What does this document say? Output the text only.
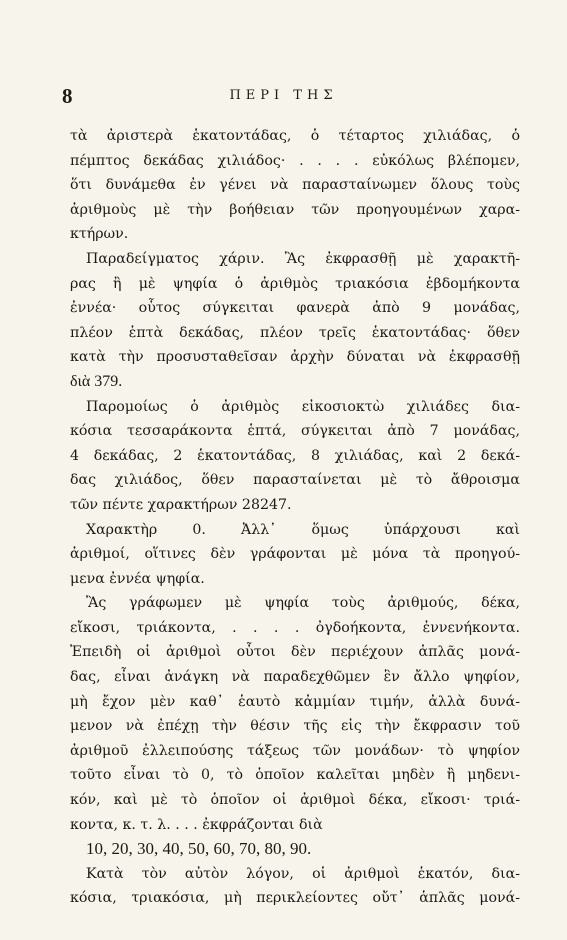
8	ΠΕΡΙ ΤΗΣ
τὰ ἀριστερὰ ἑκατοντάδας, ὁ τέταρτος χιλιάδας, ὁ
πέμπτος δεκάδας χιλιάδος· . . . . εὐκόλως βλέπομεν,
ὅτι δυνάμεθα ἐν γένει νὰ παρασταίνωμεν ὅλους τοὺς
ἀριθμοὺς μὲ τὴν βοήθειαν τῶν προηγουμένων χαρα-
κτήρων.
Παραδείγματος χάριν. Ἂς ἐκφρασθῇ μὲ χαρακτῆ-
ρας ἢ μὲ ψηφία ὁ ἀριθμὸς τριακόσια ἑβδομήκοντα
ἐννέα· οὗτος σύγκειται φανερὰ ἀπὸ 9 μονάδας,
πλέον ἑπτὰ δεκάδας, πλέον τρεῖς ἑκατοντάδας· ὅθεν
κατὰ τὴν προσυσταθεῖσαν ἀρχὴν δύναται νὰ ἐκφρασθῇ
διὰ 379.
Παρομοίως ὁ ἀριθμὸς εἰκοσιοκτὼ χιλιάδες δια-
κόσια τεσσαράκοντα ἑπτά, σύγκειται ἀπὸ 7 μονάδας,
4 δεκάδας, 2 ἑκατοντάδας, 8 χιλιάδας, καὶ 2 δεκά-
δας χιλιάδος, ὅθεν παρασταίνεται μὲ τὸ ἄθροισμα
τῶν πέντε χαρακτήρων 28247.
Χαρακτὴρ 0. Ἀλλ᾽ ὅμως ὑπάρχουσι καὶ
ἀριθμοί, οἵτινες δὲν γράφονται μὲ μόνα τὰ προηγού-
μενα ἐννέα ψηφία.
Ἂς γράφωμεν μὲ ψηφία τοὺς ἀριθμούς, δέκα,
εἴκοσι, τριάκοντα, . . . . ὀγδοήκοντα, ἐννενήκοντα.
Ἐπειδὴ οἱ ἀριθμοὶ οὗτοι δὲν περιέχουν ἁπλᾶς μονά-
δας, εἶναι ἀνάγκη νὰ παραδεχθῶμεν ἓν ἄλλο ψηφίον,
μὴ ἔχον μὲν καθ᾽ ἑαυτὸ κἀμμίαν τιμήν, ἀλλὰ δυνά-
μενον νὰ ἐπέχῃ τὴν θέσιν τῆς εἰς τὴν ἔκφρασιν τοῦ
ἀριθμοῦ ἐλλειπούσης τάξεως τῶν μονάδων· τὸ ψηφίον
τοῦτο εἶναι τὸ 0, τὸ ὁποῖον καλεῖται μηδὲν ἢ μηδενι-
κόν, καὶ μὲ τὸ ὁποῖον οἱ ἀριθμοὶ δέκα, εἴκοσι· τριά-
κοντα, κ. τ. λ. . . . ἐκφράζονται διὰ
10, 20, 30, 40, 50, 60, 70, 80, 90.
Κατὰ τὸν αὐτὸν λόγον, οἱ ἀριθμοὶ ἑκατόν, δια-
κόσια, τριακόσια, μὴ περικλείοντες οὔτ᾽ ἁπλᾶς μονά-
